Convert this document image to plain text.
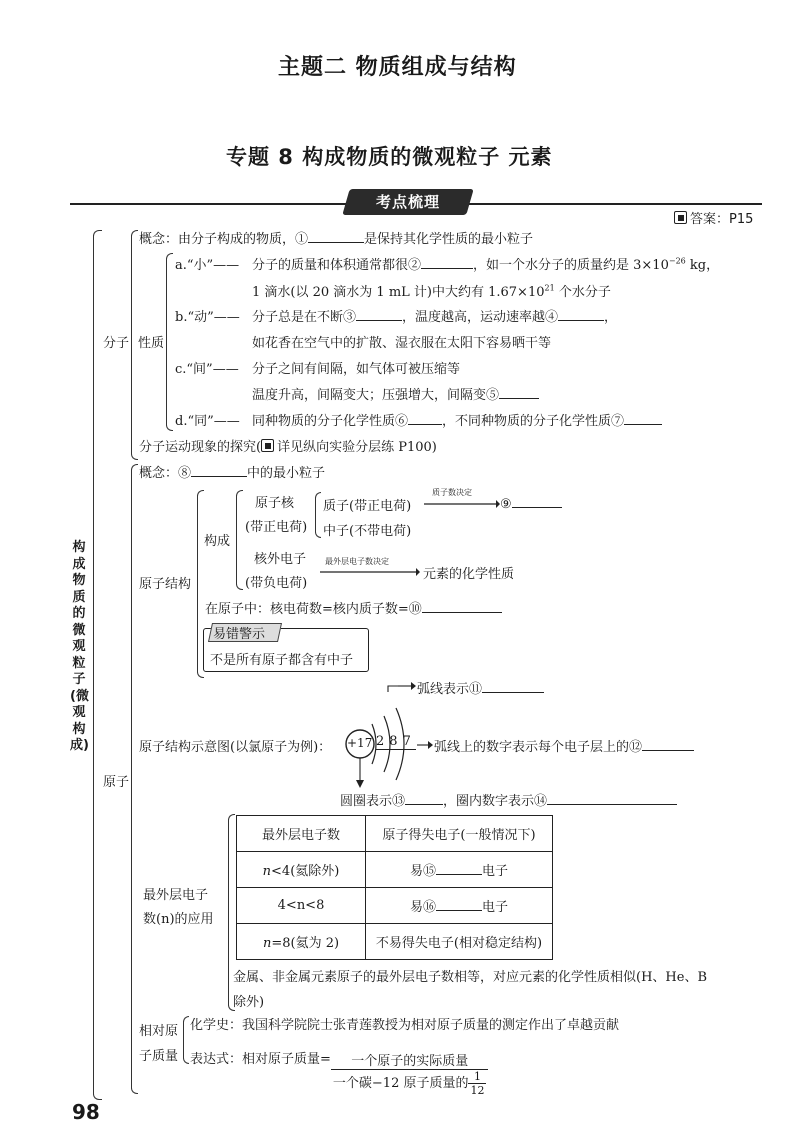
主题二 物质组成与结构
专题 8 构成物质的微观粒子 元素
考点梳理
答案：P15
构成物质的微观粒子(微观构成)
分子
概念：由分子构成的物质，①	是保持其化学性质的最小粒子
性质
a.“小”—— 分子的质量和体积通常都很②	，如一个水分子的质量约是 $3\times 10^{-26}$ kg，
1 滴水(以 20 滴水为 1 mL 计)中大约有 $1.67\times 10^{21}$ 个水分子
b.“动”—— 分子总是在不断③	，温度越高，运动速率越④	，
如花香在空气中的扩散、湿衣服在太阳下容易晒干等
c.“间”—— 分子之间有间隔，如气体可被压缩等
温度升高，间隔变大；压强增大，间隔变⑤
d.“同”—— 同种物质的分子化学性质⑥	，不同种物质的分子化学性质⑦
分子运动现象的探究( 详见纵向实验分层练 P100)
原子
概念：⑧	中的最小粒子
原子结构
构成
原子核
(带正电荷)
质子(带正电荷)
质子数决定
⑨
中子(不带电荷)
核外电子
(带负电荷)
最外层电子数决定
元素的化学性质
在原子中：核电荷数=核内质子数=⑩
易错警示
不是所有原子都含有中子
原子结构示意图(以氯原子为例)： +17 287
弧线表示⑪
弧线上的数字表示每个电子层上的⑫
圆圈表示⑬	，圈内数字表示⑭
最外层电子
数(n)的应用
最外层电子数	原子得失电子(一般情况下)
n<4(氦除外)	易⑮ 电子
4<n<8	易⑯ 电子
n=8(氦为 2)	不易得失电子(相对稳定结构)
金属、非金属元素原子的最外层电子数相等，对应元素的化学性质相似(H、He、B
除外)
相对原
子质量
化学史：我国科学院院士张青莲教授为相对原子质量的测定作出了卓越贡献
表达式：相对原子质量= $\frac{\text{一个原子的实际质量}}{一个碳-12 原子质量的 \frac{1}{12}}$
98
